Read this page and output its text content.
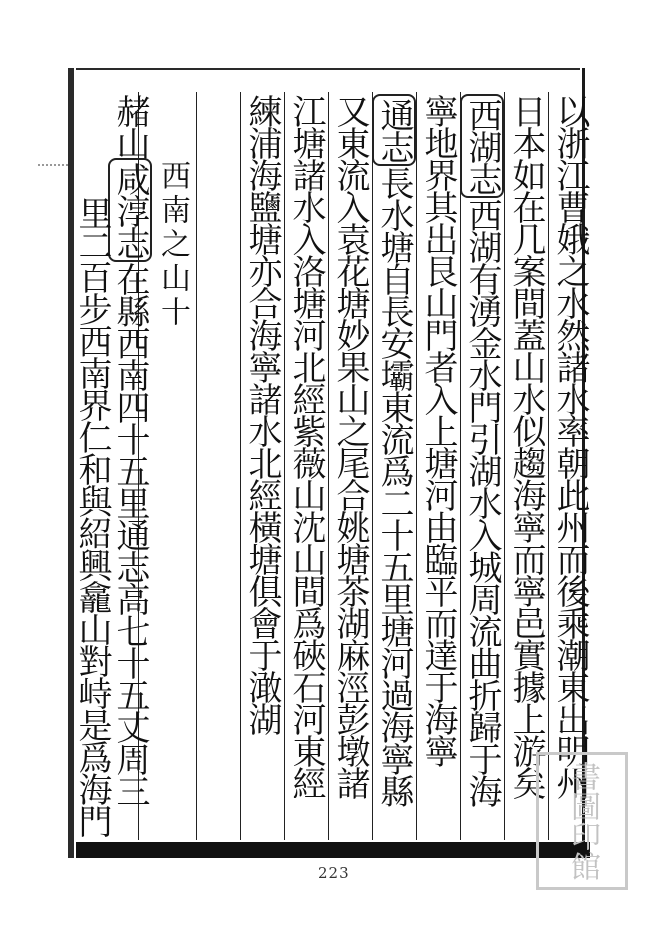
以浙江曹娥之水然諸水率朝此州而後乘潮東出明州
日本如在几案間蓋山水似趨海寧而寧邑實據上游矣
西湖志西湖有湧金水門引湖水入城周流曲折歸于海
寧地界其出艮山門者入上塘河由臨平而達于海寧
通志長水塘自長安壩東流爲二十五里塘河過海寧縣
又東流入袁花塘妙果山之尾合姚塘茶湖麻涇彭墩諸
江塘諸水入洛塘河北經紫薇山沈山間爲硤石河東經
練浦海鹽塘亦合海寧諸水北經橫塘俱會于澉湖
西南之山十
赭山咸淳志在縣西南四十五里通志高七十五丈周三
里二百步西南界仁和與紹興龕山對峙是爲海門
223	書圖印館
